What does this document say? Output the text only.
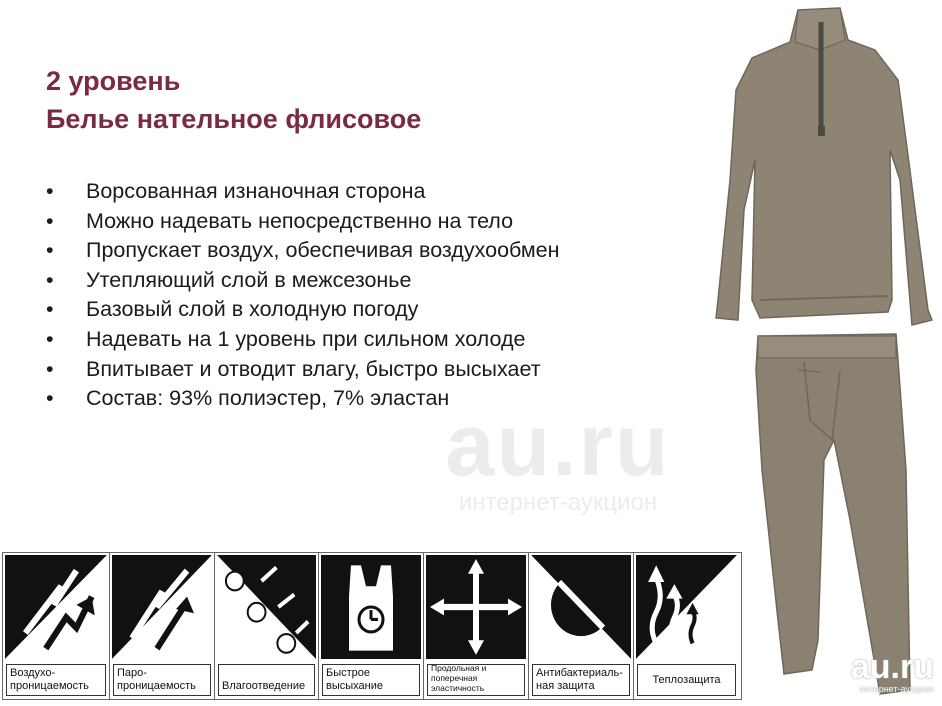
2 уровень
Белье нательное флисовое
• Ворсованная изнаночная сторона
• Можно надевать непосредственно на тело
• Пропускает воздух, обеспечивая воздухообмен
• Утепляющий слой в межсезонье
• Базовый слой в холодную погоду
• Надевать на 1 уровень при сильном холоде
• Впитывает и отводит влагу, быстро высыхает
• Состав: 93% полиэстер, 7% эластан
au.ru
интернет-аукцион
au.ru
интернет-аукцион
Воздухо-проницаемость
Паро-проницаемость	Влагоотведение
Быстрое высыхание
Продольная и поперечная эластичность
Антибактериаль-ная защита
Теплозащита
